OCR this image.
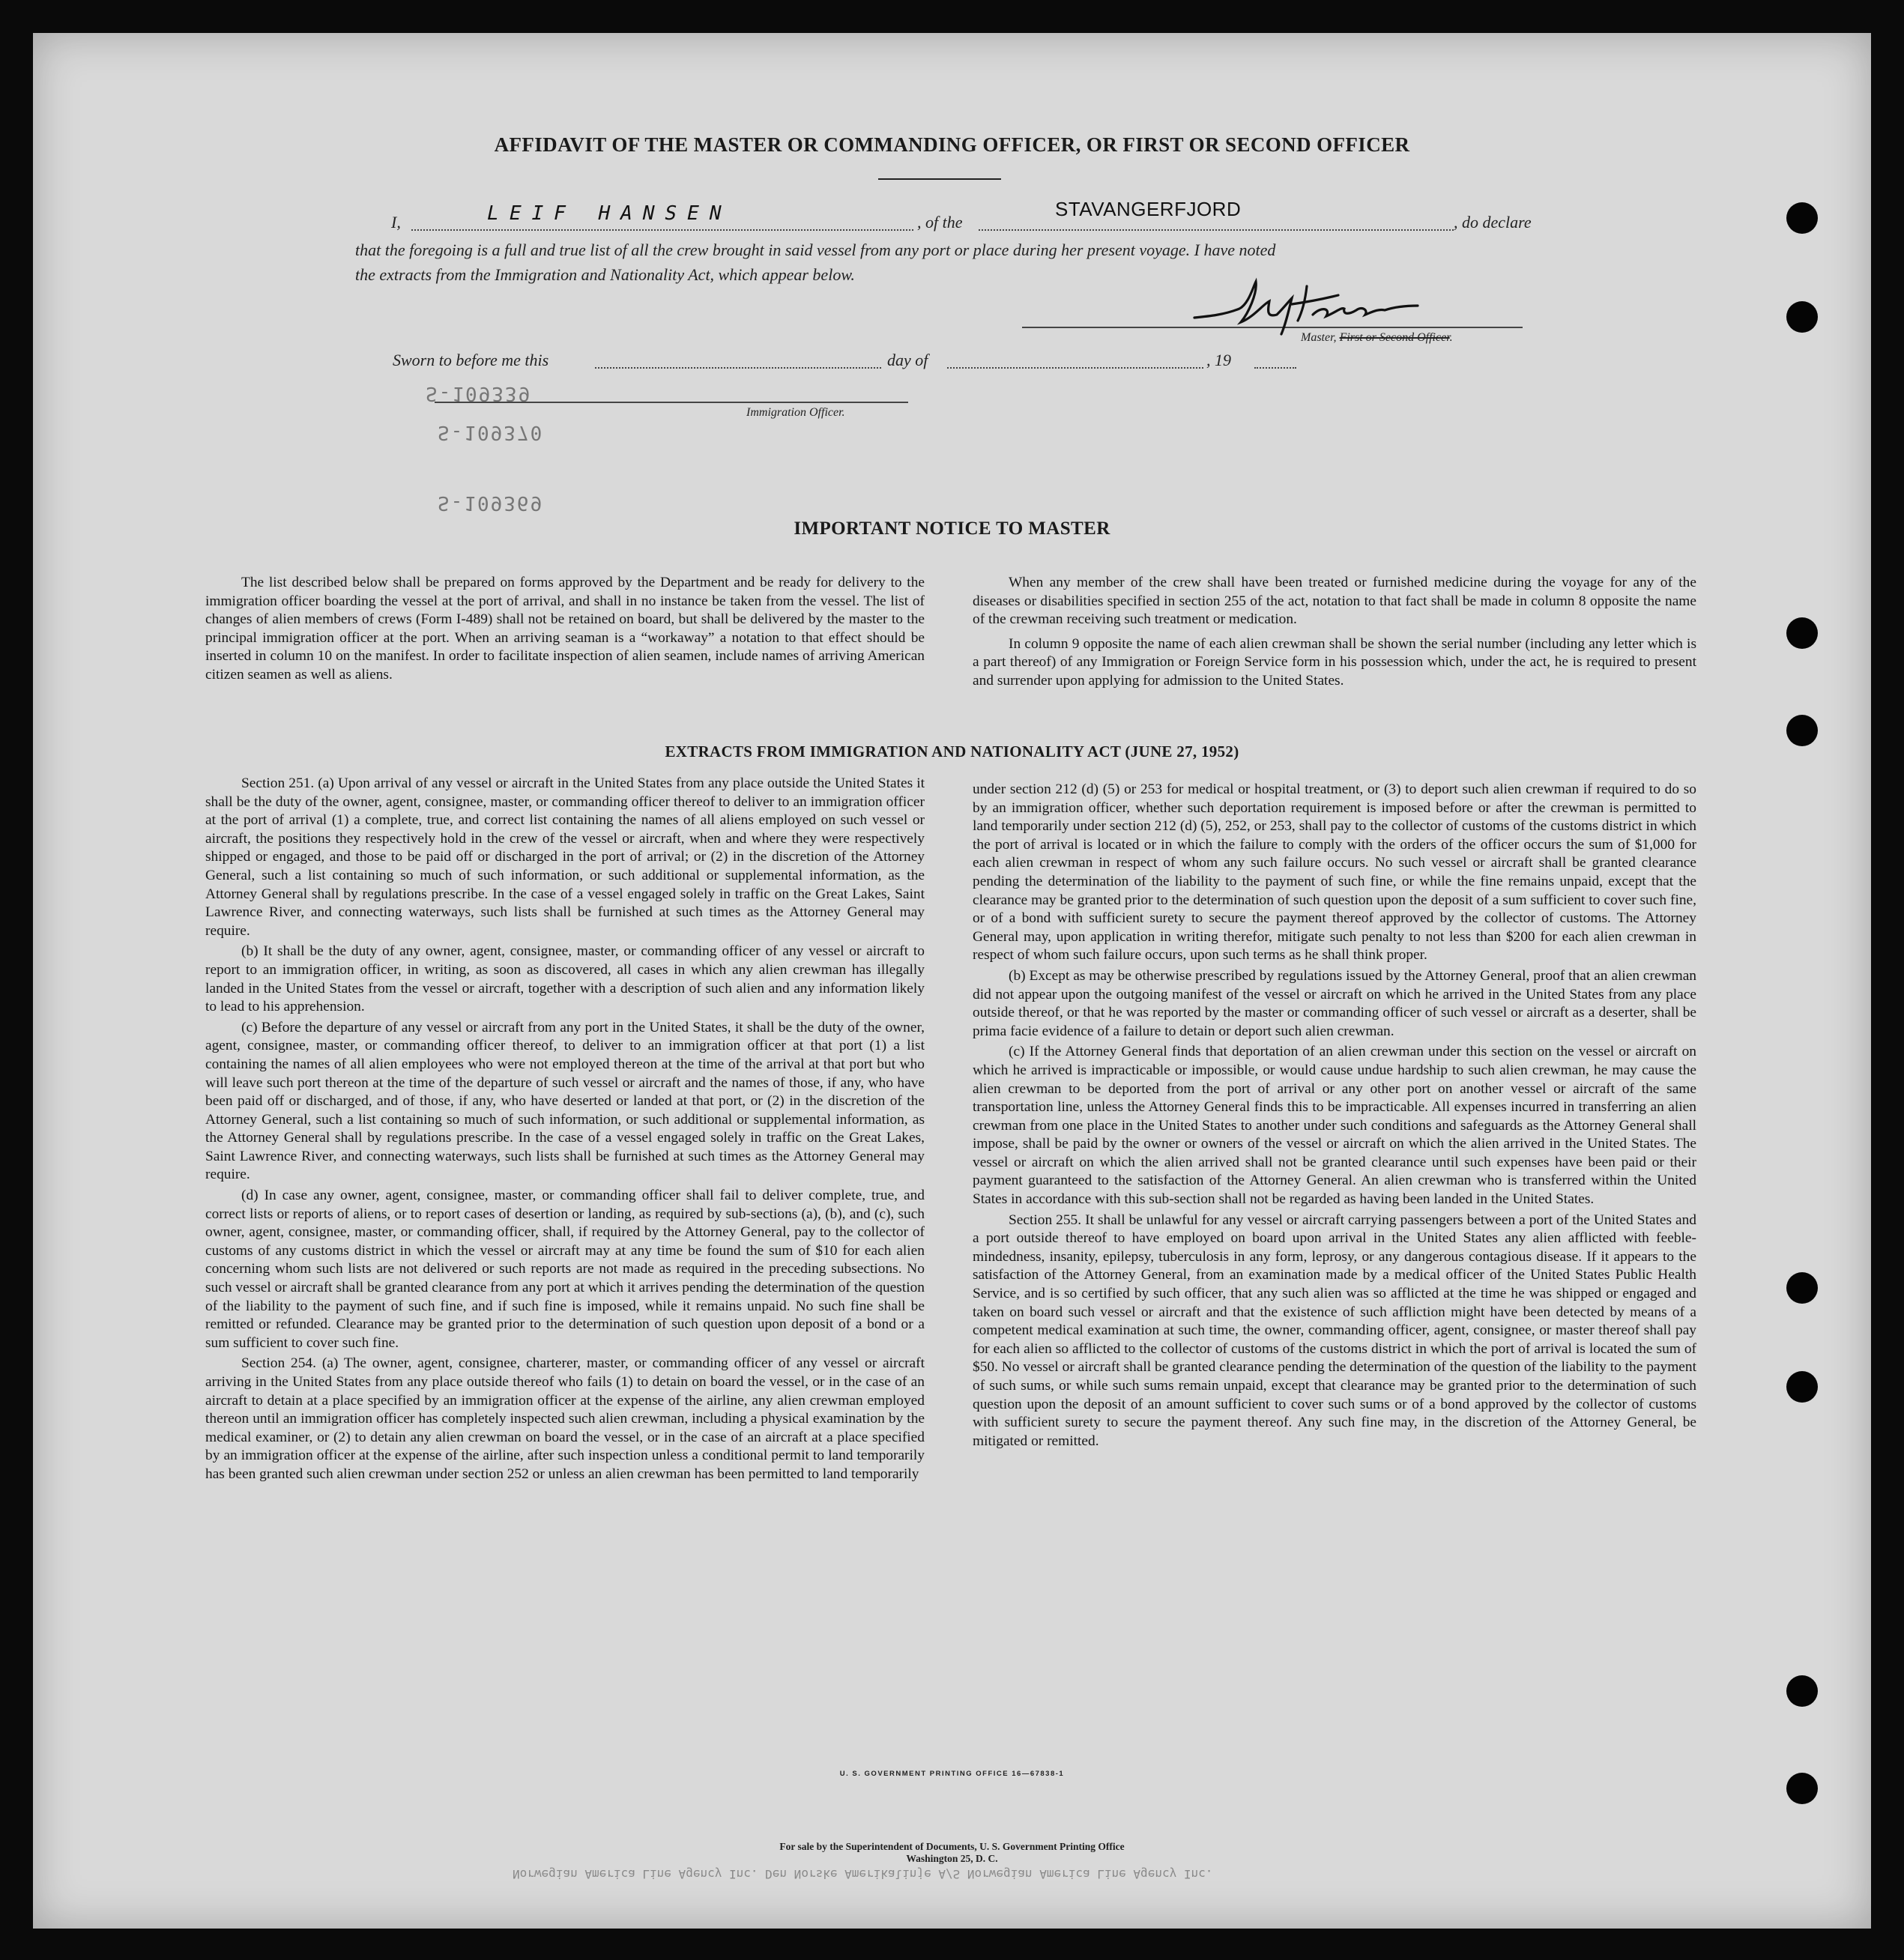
S-109339
S-109370
S-109369
AFFIDAVIT OF THE MASTER OR COMMANDING OFFICER, OR FIRST OR SECOND OFFICER
I,	LEIF HANSEN	, of the
STAVANGERFJORD
, do declare
that the foregoing is a full and true list of all the crew brought in said vessel from any port or place during her present voyage. I have noted
the extracts from the Immigration and Nationality Act, which appear below.
Master, First or Second Officer.
Sworn to before me this	day of	, 19
Immigration Officer.
IMPORTANT NOTICE TO MASTER

The list described below shall be prepared on forms approved by the Department and be ready for delivery to the immigration officer boarding the vessel at the port of arrival, and shall in no instance be taken from the vessel. The list of changes of alien members of crews (Form I-489) shall not be retained on board, but shall be delivered by the master to the principal immigration officer at the port. When an arriving seaman is a “workaway” a notation to that effect should be inserted in column 10 on the manifest. In order to facilitate inspection of alien seamen, include names of arriving American citizen seamen as well as aliens.

When any member of the crew shall have been treated or furnished medicine during the voyage for any of the diseases or disabilities specified in section 255 of the act, notation to that fact shall be made in column 8 opposite the name of the crewman receiving such treatment or medication.

In column 9 opposite the name of each alien crewman shall be shown the serial number (including any letter which is a part thereof) of any Immigration or Foreign Service form in his possession which, under the act, he is required to present and surrender upon applying for admission to the United States.

EXTRACTS FROM IMMIGRATION AND NATIONALITY ACT (JUNE 27, 1952)

Section 251. (a) Upon arrival of any vessel or aircraft in the United States from any place outside the United States it shall be the duty of the owner, agent, consignee, master, or commanding officer thereof to deliver to an immigration officer at the port of arrival (1) a complete, true, and correct list containing the names of all aliens employed on such vessel or aircraft, the positions they respectively hold in the crew of the vessel or aircraft, when and where they were respectively shipped or engaged, and those to be paid off or discharged in the port of arrival; or (2) in the discretion of the Attorney General, such a list containing so much of such information, or such additional or supplemental information, as the Attorney General shall by regulations prescribe. In the case of a vessel engaged solely in traffic on the Great Lakes, Saint Lawrence River, and connecting waterways, such lists shall be furnished at such times as the Attorney General may require.

(b) It shall be the duty of any owner, agent, consignee, master, or commanding officer of any vessel or aircraft to report to an immigration officer, in writing, as soon as discovered, all cases in which any alien crewman has illegally landed in the United States from the vessel or aircraft, together with a description of such alien and any information likely to lead to his apprehension.

(c) Before the departure of any vessel or aircraft from any port in the United States, it shall be the duty of the owner, agent, consignee, master, or commanding officer thereof, to deliver to an immigration officer at that port (1) a list containing the names of all alien employees who were not employed thereon at the time of the arrival at that port but who will leave such port thereon at the time of the departure of such vessel or aircraft and the names of those, if any, who have been paid off or discharged, and of those, if any, who have deserted or landed at that port, or (2) in the discretion of the Attorney General, such a list containing so much of such information, or such additional or supplemental information, as the Attorney General shall by regulations prescribe. In the case of a vessel engaged solely in traffic on the Great Lakes, Saint Lawrence River, and connecting waterways, such lists shall be furnished at such times as the Attorney General may require.

(d) In case any owner, agent, consignee, master, or commanding officer shall fail to deliver complete, true, and correct lists or reports of aliens, or to report cases of desertion or landing, as required by sub-sections (a), (b), and (c), such owner, agent, consignee, master, or commanding officer, shall, if required by the Attorney General, pay to the collector of customs of any customs district in which the vessel or aircraft may at any time be found the sum of $10 for each alien concerning whom such lists are not delivered or such reports are not made as required in the preceding subsections. No such vessel or aircraft shall be granted clearance from any port at which it arrives pending the determination of the question of the liability to the payment of such fine, and if such fine is imposed, while it remains unpaid. No such fine shall be remitted or refunded. Clearance may be granted prior to the determination of such question upon deposit of a bond or a sum sufficient to cover such fine.

Section 254. (a) The owner, agent, consignee, charterer, master, or commanding officer of any vessel or aircraft arriving in the United States from any place outside thereof who fails (1) to detain on board the vessel, or in the case of an aircraft to detain at a place specified by an immigration officer at the expense of the airline, any alien crewman employed thereon until an immigration officer has completely inspected such alien crewman, including a physical examination by the medical examiner, or (2) to detain any alien crewman on board the vessel, or in the case of an aircraft at a place specified by an immigration officer at the expense of the airline, after such inspection unless a conditional permit to land temporarily has been granted such alien crewman under section 252 or unless an alien crewman has been permitted to land temporarily

under section 212 (d) (5) or 253 for medical or hospital treatment, or (3) to deport such alien crewman if required to do so by an immigration officer, whether such deportation requirement is imposed before or after the crewman is permitted to land temporarily under section 212 (d) (5), 252, or 253, shall pay to the collector of customs of the customs district in which the port of arrival is located or in which the failure to comply with the orders of the officer occurs the sum of $1,000 for each alien crewman in respect of whom any such failure occurs. No such vessel or aircraft shall be granted clearance pending the determination of the liability to the payment of such fine, or while the fine remains unpaid, except that the clearance may be granted prior to the determination of such question upon the deposit of a sum sufficient to cover such fine, or of a bond with sufficient surety to secure the payment thereof approved by the collector of customs. The Attorney General may, upon application in writing therefor, mitigate such penalty to not less than $200 for each alien crewman in respect of whom such failure occurs, upon such terms as he shall think proper.

(b) Except as may be otherwise prescribed by regulations issued by the Attorney General, proof that an alien crewman did not appear upon the outgoing manifest of the vessel or aircraft on which he arrived in the United States from any place outside thereof, or that he was reported by the master or commanding officer of such vessel or aircraft as a deserter, shall be prima facie evidence of a failure to detain or deport such alien crewman.

(c) If the Attorney General finds that deportation of an alien crewman under this section on the vessel or aircraft on which he arrived is impracticable or impossible, or would cause undue hardship to such alien crewman, he may cause the alien crewman to be deported from the port of arrival or any other port on another vessel or aircraft of the same transportation line, unless the Attorney General finds this to be impracticable. All expenses incurred in transferring an alien crewman from one place in the United States to another under such conditions and safeguards as the Attorney General shall impose, shall be paid by the owner or owners of the vessel or aircraft on which the alien arrived in the United States. The vessel or aircraft on which the alien arrived shall not be granted clearance until such expenses have been paid or their payment guaranteed to the satisfaction of the Attorney General. An alien crewman who is transferred within the United States in accordance with this sub-section shall not be regarded as having been landed in the United States.

Section 255. It shall be unlawful for any vessel or aircraft carrying passengers between a port of the United States and a port outside thereof to have employed on board upon arrival in the United States any alien afflicted with feeble-mindedness, insanity, epilepsy, tuberculosis in any form, leprosy, or any dangerous contagious disease. If it appears to the satisfaction of the Attorney General, from an examination made by a medical officer of the United States Public Health Service, and is so certified by such officer, that any such alien was so afflicted at the time he was shipped or engaged and taken on board such vessel or aircraft and that the existence of such affliction might have been detected by means of a competent medical examination at such time, the owner, commanding officer, agent, consignee, or master thereof shall pay for each alien so afflicted to the collector of customs of the customs district in which the port of arrival is located the sum of $50. No vessel or aircraft shall be granted clearance pending the determination of the question of the liability to the payment of such sums, or while such sums remain unpaid, except that clearance may be granted prior to the determination of such question upon the deposit of an amount sufficient to cover such sums or of a bond approved by the collector of customs with sufficient surety to secure the payment thereof. Any such fine may, in the discretion of the Attorney General, be mitigated or remitted.

U. S. GOVERNMENT PRINTING OFFICE 16—67838-1
For sale by the Superintendent of Documents, U. S. Government Printing Office
Washington 25, D. C.
Norwegian America Line Agency Inc. Den Norske Amerikalinje A/S Norwegian America Line Agency Inc.
